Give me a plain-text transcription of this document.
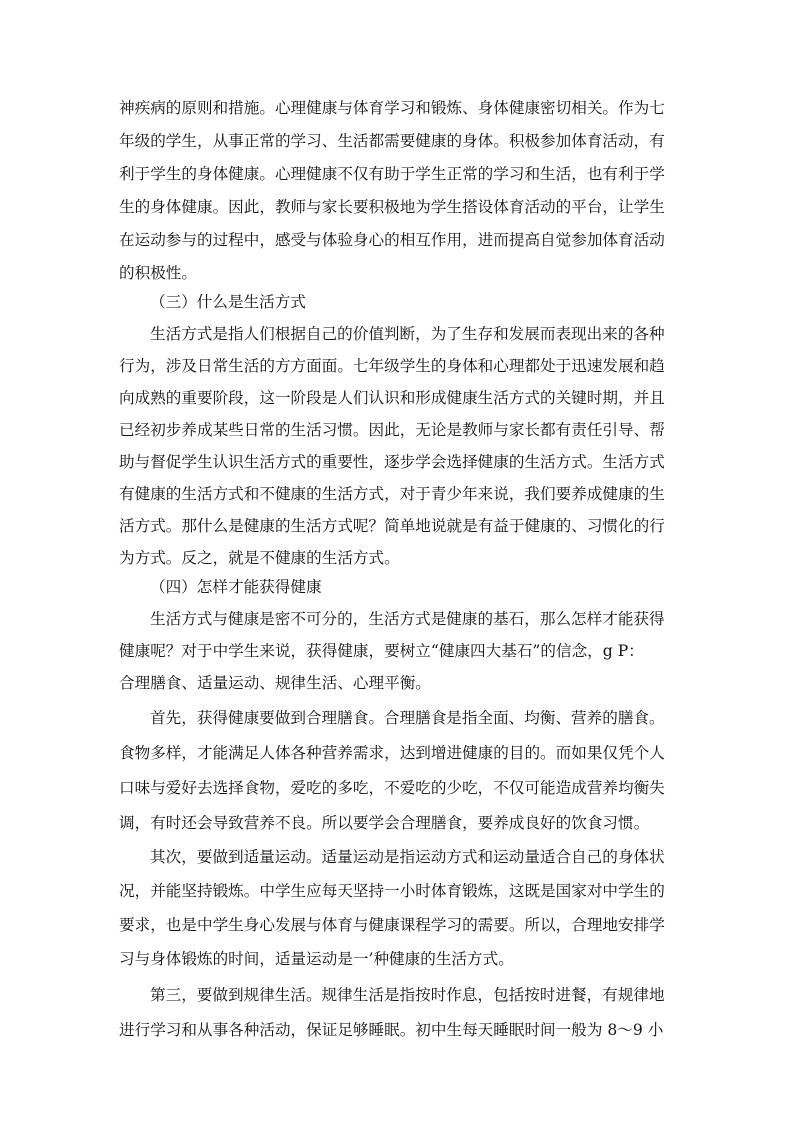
神疾病的原则和措施。心理健康与体育学习和锻炼、身体健康密切相关。作为七
年级的学生，从事正常的学习、生活都需要健康的身体。积极参加体育活动，有
利于学生的身体健康。心理健康不仅有助于学生正常的学习和生活，也有利于学
生的身体健康。因此，教师与家长要积极地为学生搭设体育活动的平台，让学生
在运动参与的过程中，感受与体验身心的相互作用，进而提高自觉参加体育活动
的积极性。
（三）什么是生活方式
生活方式是指人们根据自己的价值判断，为了生存和发展而表现出来的各种
行为，涉及日常生活的方方面面。七年级学生的身体和心理都处于迅速发展和趋
向成熟的重要阶段，这一阶段是人们认识和形成健康生活方式的关键时期，并且
已经初步养成某些日常的生活习惯。因此，无论是教师与家长都有责任引导、帮
助与督促学生认识生活方式的重要性，逐步学会选择健康的生活方式。生活方式
有健康的生活方式和不健康的生活方式，对于青少年来说，我们要养成健康的生
活方式。那什么是健康的生活方式呢？简单地说就是有益于健康的、习惯化的行
为方式。反之，就是不健康的生活方式。
（四）怎样才能获得健康
生活方式与健康是密不可分的，生活方式是健康的基石，那么怎样才能获得
健康呢？对于中学生来说，获得健康，要树立“健康四大基石”的信念，g P：
合理膳食、适量运动、规律生活、心理平衡。
首先，获得健康要做到合理膳食。合理膳食是指全面、均衡、营养的膳食。
食物多样，才能满足人体各种营养需求，达到增进健康的目的。而如果仅凭个人
口味与爱好去选择食物，爱吃的多吃，不爱吃的少吃，不仅可能造成营养均衡失
调，有时还会导致营养不良。所以要学会合理膳食，要养成良好的饮食习惯。
其次，要做到适量运动。适量运动是指运动方式和运动量适合自己的身体状
况，并能坚持锻炼。中学生应每天坚持一小时体育锻炼，这既是国家对中学生的
要求，也是中学生身心发展与体育与健康课程学习的需要。所以，合理地安排学
习与身体锻炼的时间，适量运动是一’种健康的生活方式。
第三，要做到规律生活。规律生活是指按时作息，包括按时进餐，有规律地
进行学习和从事各种活动，保证足够睡眠。初中生每天睡眠时间一般为 8～9 小
